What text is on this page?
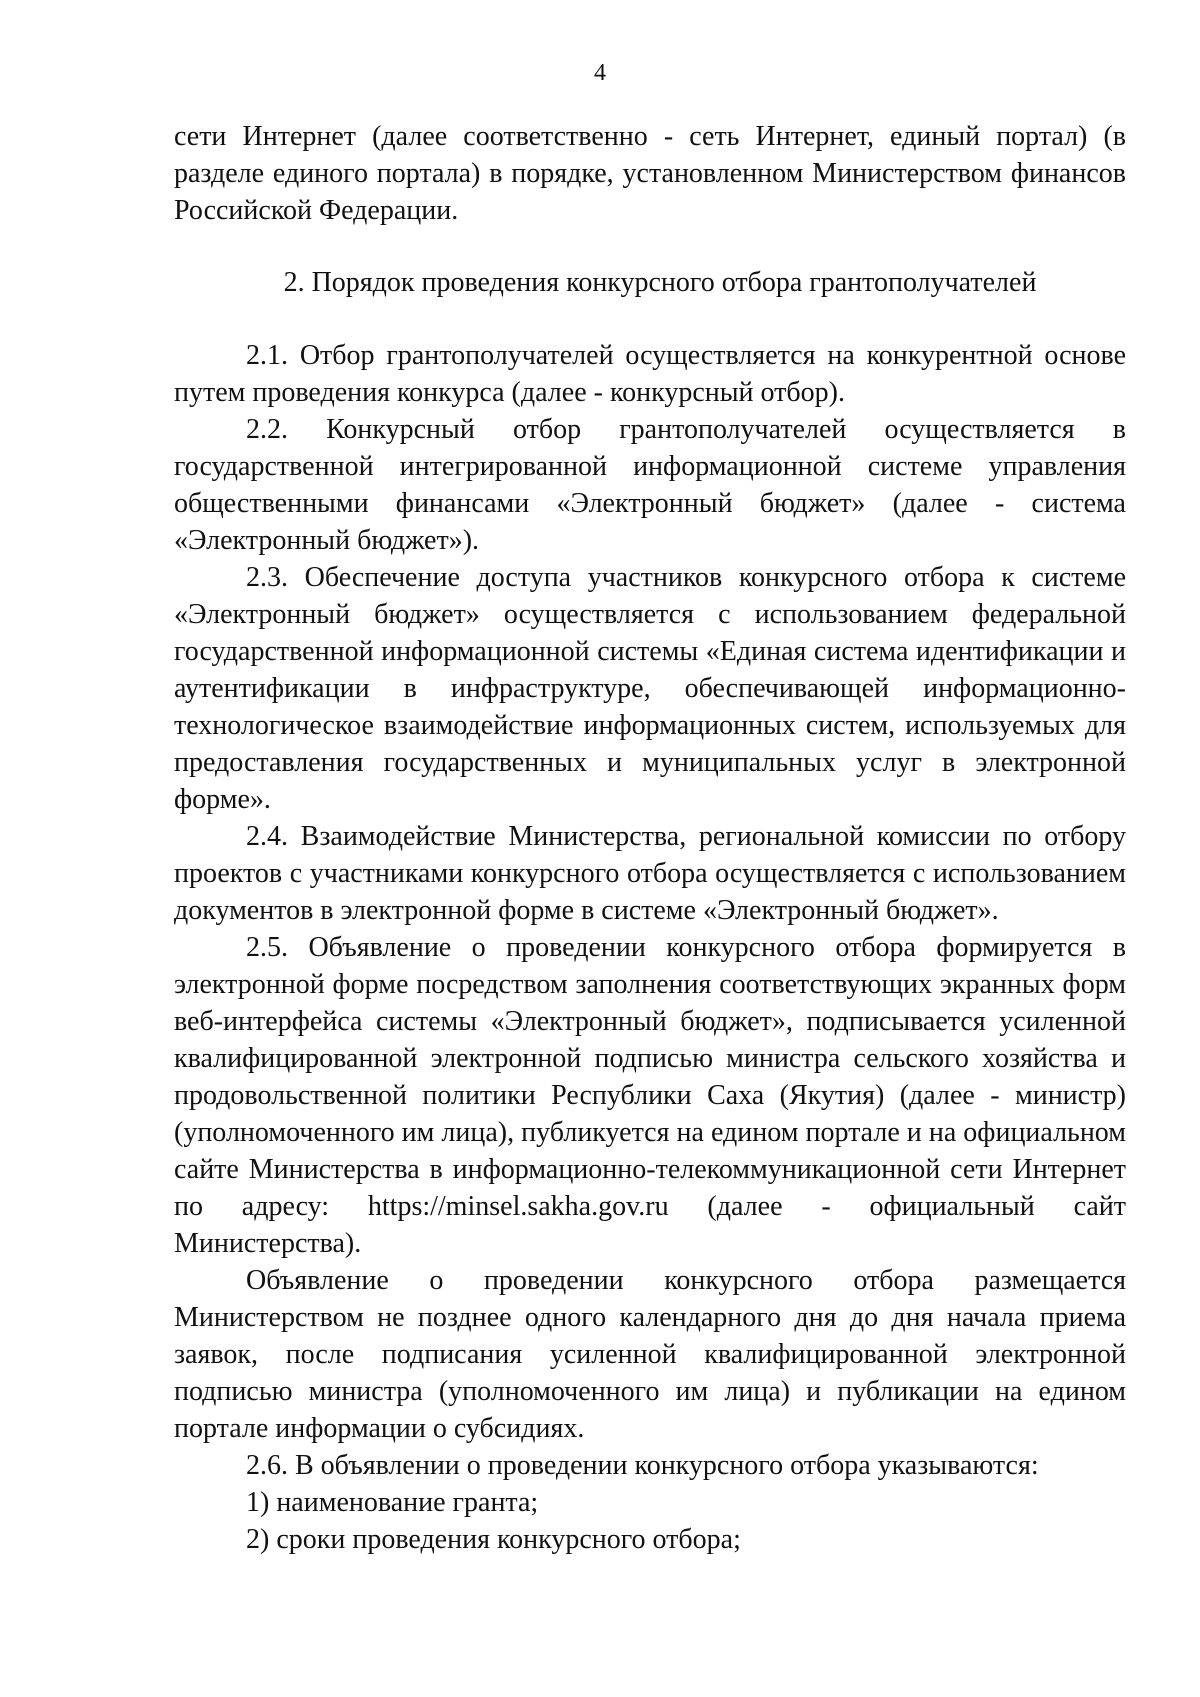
4

сети Интернет (далее соответственно - сеть Интернет, единый портал) (в разделе единого портала) в порядке, установленном Министерством финансов Российской Федерации.

2. Порядок проведения конкурсного отбора грантополучателей

2.1. Отбор грантополучателей осуществляется на конкурентной основе путем проведения конкурса (далее - конкурсный отбор).

2.2. Конкурсный отбор грантополучателей осуществляется в государственной интегрированной информационной системе управления общественными финансами «Электронный бюджет» (далее - система «Электронный бюджет»).

2.3. Обеспечение доступа участников конкурсного отбора к системе «Электронный бюджет» осуществляется с использованием федеральной государственной информационной системы «Единая система идентификации и аутентификации в инфраструктуре, обеспечивающей информационно-технологическое взаимодействие информационных систем, используемых для предоставления государственных и муниципальных услуг в электронной форме».

2.4. Взаимодействие Министерства, региональной комиссии по отбору проектов с участниками конкурсного отбора осуществляется с использованием документов в электронной форме в системе «Электронный бюджет».

2.5. Объявление о проведении конкурсного отбора формируется в электронной форме посредством заполнения соответствующих экранных форм веб-интерфейса системы «Электронный бюджет», подписывается усиленной квалифицированной электронной подписью министра сельского хозяйства и продовольственной политики Республики Саха (Якутия) (далее - министр) (уполномоченного им лица), публикуется на едином портале и на официальном сайте Министерства в информационно-телекоммуникационной сети Интернет по адресу: https://minsel.sakha.gov.ru (далее - официальный сайт Министерства).

Объявление о проведении конкурсного отбора размещается Министерством не позднее одного календарного дня до дня начала приема заявок, после подписания усиленной квалифицированной электронной подписью министра (уполномоченного им лица) и публикации на едином портале информации о субсидиях.

2.6. В объявлении о проведении конкурсного отбора указываются:

1) наименование гранта;

2) сроки проведения конкурсного отбора;
